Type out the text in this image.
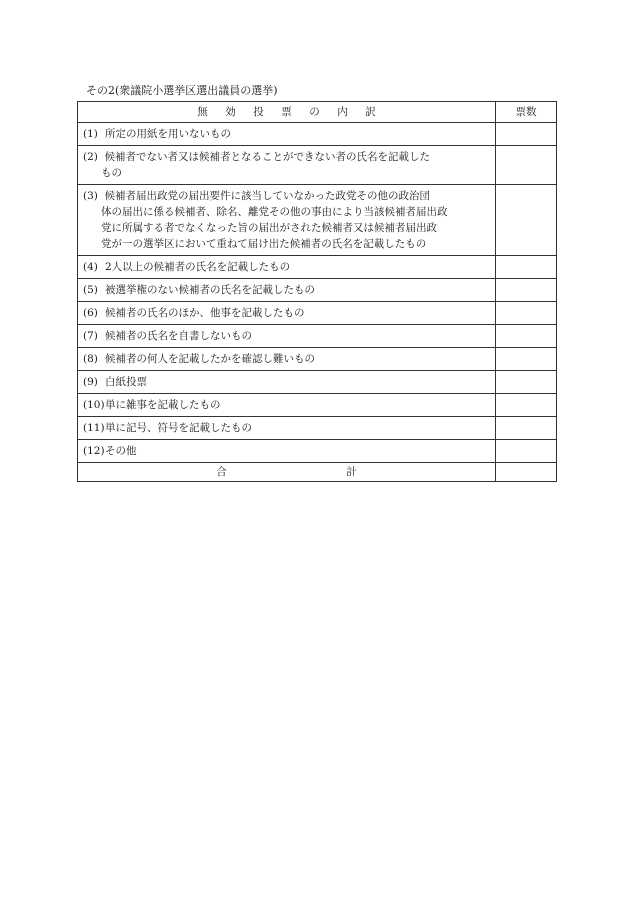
その2(衆議院小選挙区選出議員の選挙)
無 効 投 票 の 内 訳	票数

(1) 所定の用紙を用いないもの	

(2) 候補者でない者又は候補者となることができない者の氏名を記載した
もの	

(3) 候補者届出政党の届出要件に該当していなかった政党その他の政治団
体の届出に係る候補者、除名、離党その他の事由により当該候補者届出政
党に所属する者でなくなった旨の届出がされた候補者又は候補者届出政
党が一の選挙区において重ねて届け出た候補者の氏名を記載したもの	

(4) 2人以上の候補者の氏名を記載したもの	

(5) 被選挙権のない候補者の氏名を記載したもの	

(6) 候補者の氏名のほか、他事を記載したもの	

(7) 候補者の氏名を自書しないもの	

(8) 候補者の何人を記載したかを確認し難いもの	

(9) 白紙投票	

(10) 単に雑事を記載したもの	

(11) 単に記号、符号を記載したもの	

(12) その他	

合 計	
